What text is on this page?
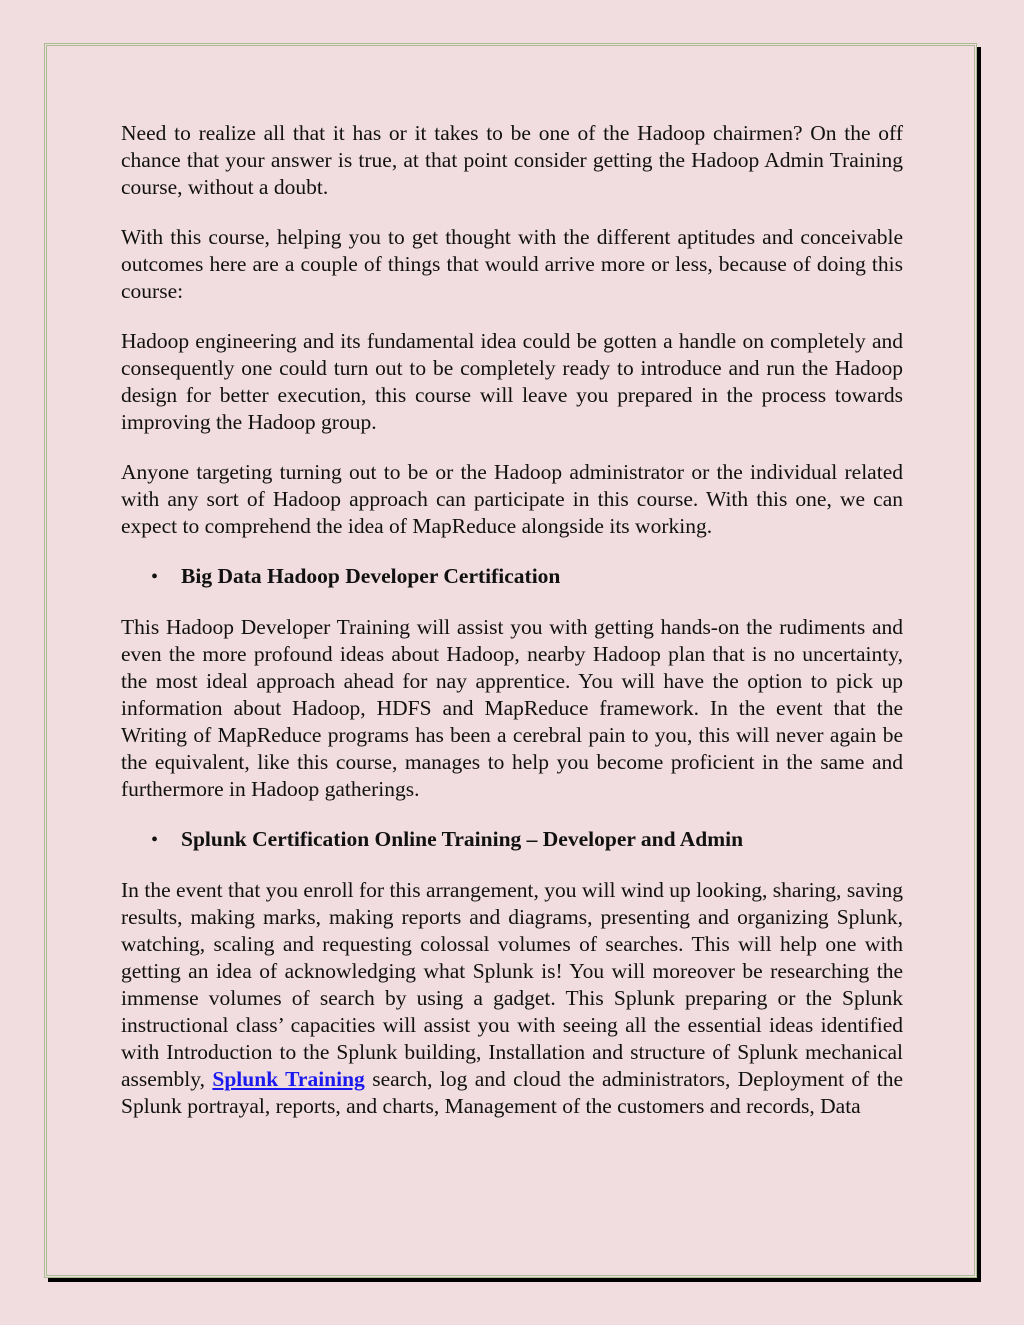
Need to realize all that it has or it takes to be one of the Hadoop chairmen? On the off chance that your answer is true, at that point consider getting the Hadoop Admin Training course, without a doubt.

With this course, helping you to get thought with the different aptitudes and conceivable outcomes here are a couple of things that would arrive more or less, because of doing this course:

Hadoop engineering and its fundamental idea could be gotten a handle on completely and consequently one could turn out to be completely ready to introduce and run the Hadoop design for better execution, this course will leave you prepared in the process towards improving the Hadoop group.

Anyone targeting turning out to be or the Hadoop administrator or the individual related with any sort of Hadoop approach can participate in this course. With this one, we can expect to comprehend the idea of MapReduce alongside its working.

•	Big Data Hadoop Developer Certification

This Hadoop Developer Training will assist you with getting hands-on the rudiments and even the more profound ideas about Hadoop, nearby Hadoop plan that is no uncertainty, the most ideal approach ahead for nay apprentice. You will have the option to pick up information about Hadoop, HDFS and MapReduce framework. In the event that the Writing of MapReduce programs has been a cerebral pain to you, this will never again be the equivalent, like this course, manages to help you become proficient in the same and furthermore in Hadoop gatherings.

•	Splunk Certification Online Training – Developer and Admin

In the event that you enroll for this arrangement, you will wind up looking, sharing, saving results, making marks, making reports and diagrams, presenting and organizing Splunk, watching, scaling and requesting colossal volumes of searches. This will help one with getting an idea of acknowledging what Splunk is! You will moreover be researching the immense volumes of search by using a gadget. This Splunk preparing or the Splunk instructional class’ capacities will assist you with seeing all the essential ideas identified with Introduction to the Splunk building, Installation and structure of Splunk mechanical assembly, Splunk Training search, log and cloud the administrators, Deployment of the Splunk portrayal, reports, and charts, Management of the customers and records, Data
